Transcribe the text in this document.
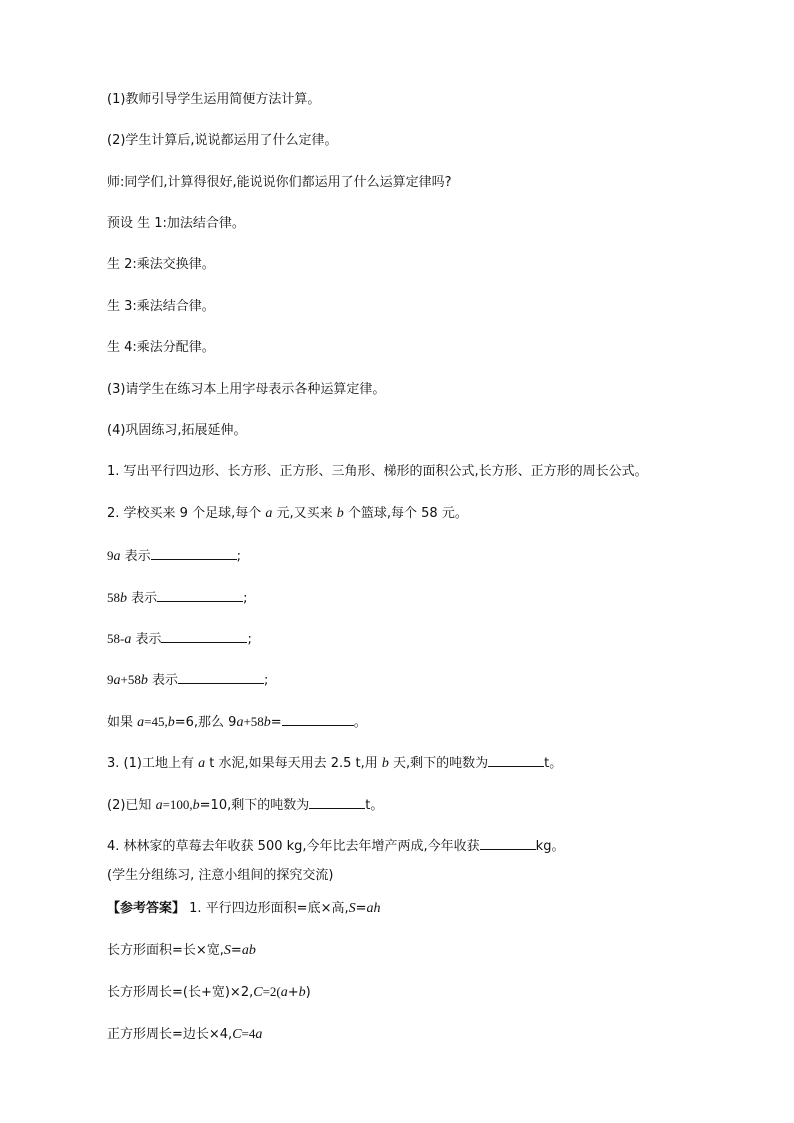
(1)教师引导学生运用简便方法计算。
(2)学生计算后,说说都运用了什么定律。
师:同学们,计算得很好,能说说你们都运用了什么运算定律吗?
预设 生 1:加法结合律。
生 2:乘法交换律。
生 3:乘法结合律。
生 4:乘法分配律。
(3)请学生在练习本上用字母表示各种运算定律。
(4)巩固练习,拓展延伸。
1. 写出平行四边形、长方形、正方形、三角形、梯形的面积公式,长方形、正方形的周长公式。
2. 学校买来 9 个足球,每个 a 元,又买来 b 个篮球,每个 58 元。
9a 表示	;
58b 表示	;
58-a 表示	;
9a+58b 表示	;
如果 a=45,b=6,那么 9a+58b=	。
3. (1)工地上有 a t 水泥,如果每天用去 2.5 t,用 b 天,剩下的吨数为	t。
(2)已知 a=100,b=10,剩下的吨数为	t。
4. 林林家的草莓去年收获 500 kg,今年比去年增产两成,今年收获	kg。
(学生分组练习, 注意小组间的探究交流)
【参考答案】 1. 平行四边形面积=底×高,S=ah
长方形面积=长×宽,S=ab
长方形周长=(长+宽)×2,C=2(a+b)
正方形周长=边长×4,C=4a
